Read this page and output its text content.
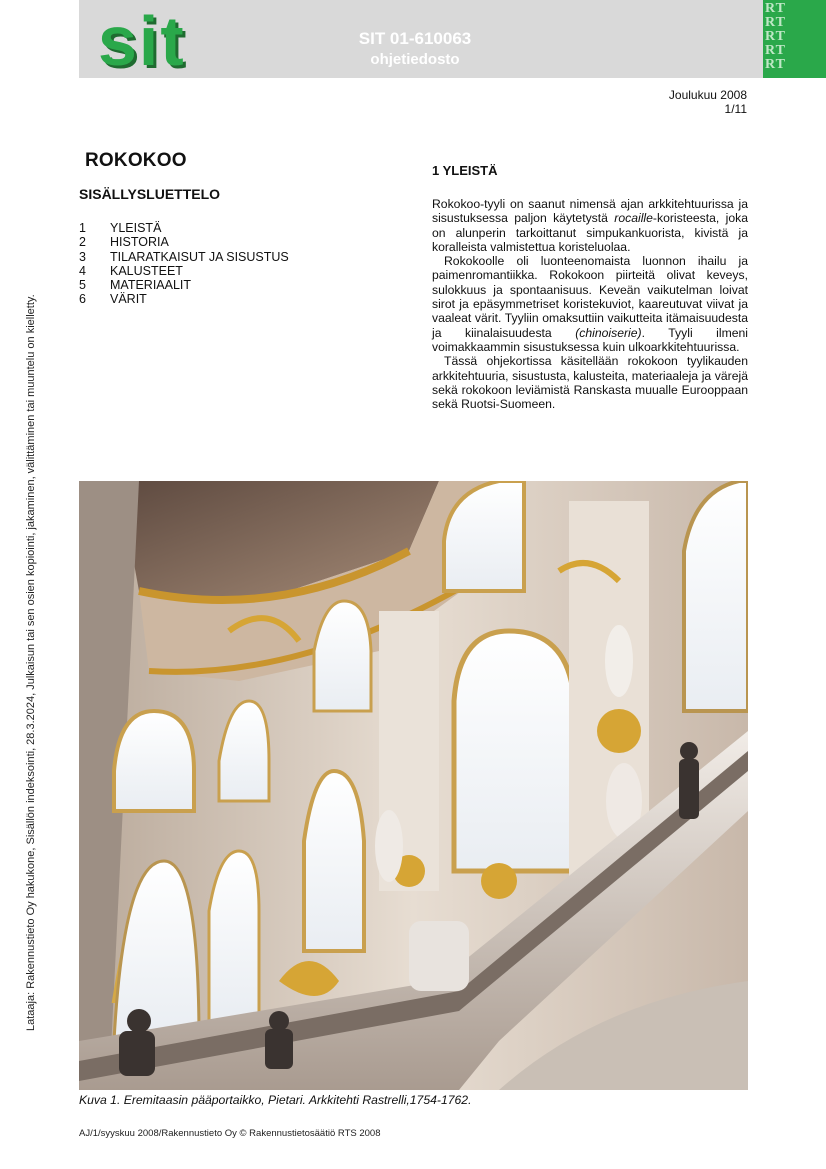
sit	SIT 01-610063
ohjetiedosto
RT
RT
RT
RT
RT
Joulukuu 2008
1/11
ROKOKOO
SISÄLLYSLUETTELO
1	YLEISTÄ
2	HISTORIA
3	TILARATKAISUT JA SISUSTUS
4	KALUSTEET
5	MATERIAALIT
6	VÄRIT
1 YLEISTÄ

Rokokoo-tyyli on saanut nimensä ajan arkkitehtuurissa ja sisustuksessa paljon käytetystä rocaille-koristeesta, joka on alunperin tarkoittanut simpukankuorista, kivistä ja koralleista valmistettua koristeluolaa.

Rokokoolle oli luonteenomaista luonnon ihailu ja paimenromantiikka. Rokokoon piirteitä olivat keveys, sulokkuus ja spontaanisuus. Keveän vaikutelman loivat sirot ja epäsymmetriset koristekuviot, kaareutuvat viivat ja vaaleat värit. Tyyliin omaksuttiin vaikutteita itämaisuudesta ja kiinalaisuudesta (chinoiserie). Tyyli ilmeni voimakkaammin sisustuksessa kuin ulkoarkkitehtuurissa.

Tässä ohjekortissa käsitellään rokokoon tyylikauden arkkitehtuuria, sisustusta, kalusteita, materiaaleja ja värejä sekä rokokoon leviämistä Ranskasta muualle Eurooppaan sekä Ruotsi-Suomeen.

Kuva 1. Eremitaasin pääportaikko, Pietari. Arkkitehti Rastrelli,1754-1762.
Lataaja: Rakennustieto Oy hakukone, Sisällön indeksointi, 28.3.2024, Julkaisun tai sen osien kopiointi, jakaminen, välittäminen tai muuntelu on kielletty.
AJ/1/syyskuu 2008/Rakennustieto Oy © Rakennustietosäätiö RTS 2008
